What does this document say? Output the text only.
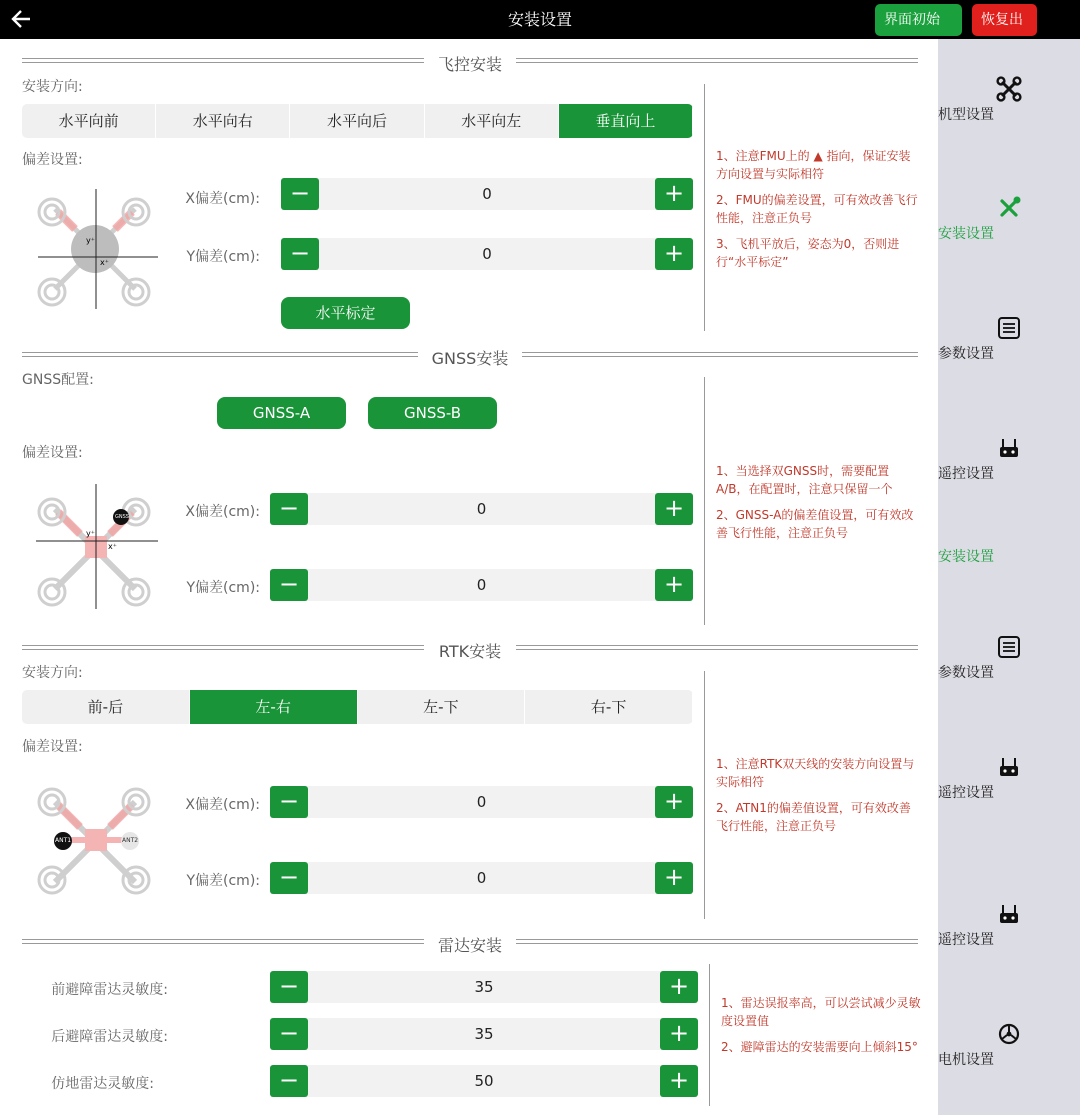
安装设置	界面初始化
恢复出
飞控安装
安装方向:
水平向前	水平向右	水平向后	水平向左	垂直向上
偏差设置:
y⁺
x⁺
X偏差(cm):	−	0	+
Y偏差(cm):	−	0	+
水平标定

1、注意FMU上的 ▲ 指向，保证安装方向设置与实际相符

2、FMU的偏差设置，可有效改善飞行性能，注意正负号

3、飞机平放后，姿态为0，否则进行“水平标定”

GNSS安装
GNSS配置:
GNSS-A	GNSS-B
偏差设置:
GNSS
y⁺
x⁺
X偏差(cm): −	0	+
Y偏差(cm): −	0	+

1、当选择双GNSS时，需要配置A/B，在配置时，注意只保留一个

2、GNSS-A的偏差值设置，可有效改善飞行性能，注意正负号

RTK安装
安装方向:
前-后	左-右	左-下	右-下
偏差设置:
ANT1	ANT2
X偏差(cm): −	0	+
Y偏差(cm): −	0	+

1、注意RTK双天线的安装方向设置与实际相符

2、ATN1的偏差值设置，可有效改善飞行性能，注意正负号

雷达安装
前避障雷达灵敏度:	−	35	+
后避障雷达灵敏度:	−	35	+
仿地雷达灵敏度:	−	50	+

1、雷达误报率高，可以尝试减少灵敏度设置值

2、避障雷达的安装需要向上倾斜15°

机型设置
安装设置
参数设置
遥控设置
安装设置
参数设置
遥控设置
遥控设置
电机设置
